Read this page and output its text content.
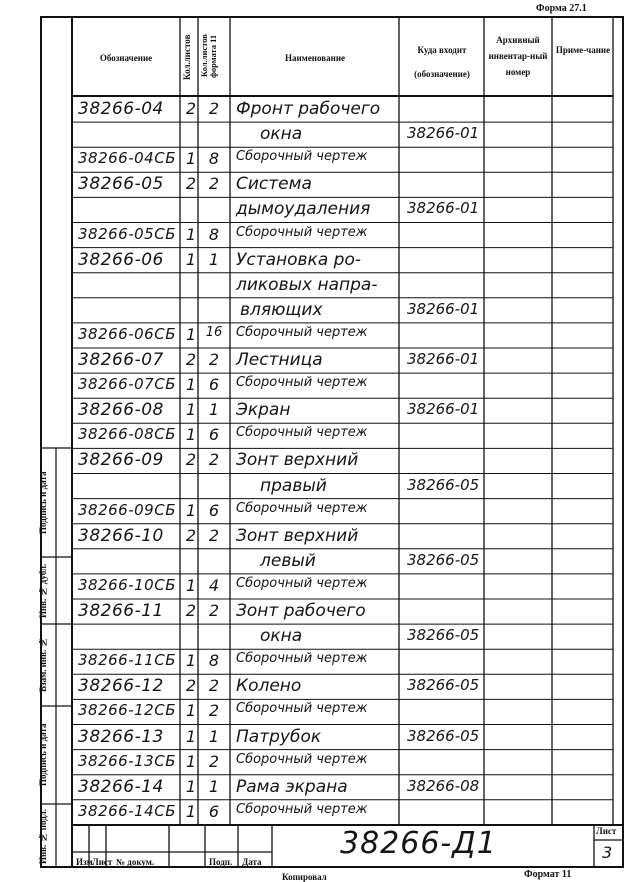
Форма 27.1
Обозначение	Кол.листов Кол.листов формата 11	Наименование
Куда входит (обозначение)
Архивный инвентар-ный номер
Приме-чание
38266-04 2 2 Фронт рабочего
окна	38266-01
38266-04СБ 1 8	Сборочный чертеж
38266-05 2 2 Система
дымоудаления 38266-01
38266-05СБ 1 8	Сборочный чертеж
38266-06 1 1 Установка ро-
ликовых напра-
вляющих	38266-01
38266-06СБ 1 16 Сборочный чертеж
38266-07 2 2 Лестница	38266-01
38266-07СБ 1 6	Сборочный чертеж
38266-08 1 1 Экран	38266-01
38266-08СБ 1 6	Сборочный чертеж
38266-09 2 2 Зонт верхний
правый	38266-05
38266-09СБ 1 6	Сборочный чертеж
38266-10 2 2 Зонт верхний
левый	38266-05
38266-10СБ 1 4	Сборочный чертеж
38266-11 2 2 Зонт рабочего
окна	38266-05
38266-11СБ 1 8	Сборочный чертеж
38266-12 2 2 Колено	38266-05
38266-12СБ 1 2	Сборочный чертеж
38266-13 1 1 Патрубок	38266-05
38266-13СБ 1 2	Сборочный чертеж
38266-14 1 1 Рама экрана	38266-08
38266-14СБ 1 6	Сборочный чертеж
Подпись и дата
Инв. № дубл.
Взам. инв. №
Подпись и дата
Инв. № подл.	Изм Лист № докум.	Подп. Дата
38266-Д1	Лист
3
Копировал	Формат 11
